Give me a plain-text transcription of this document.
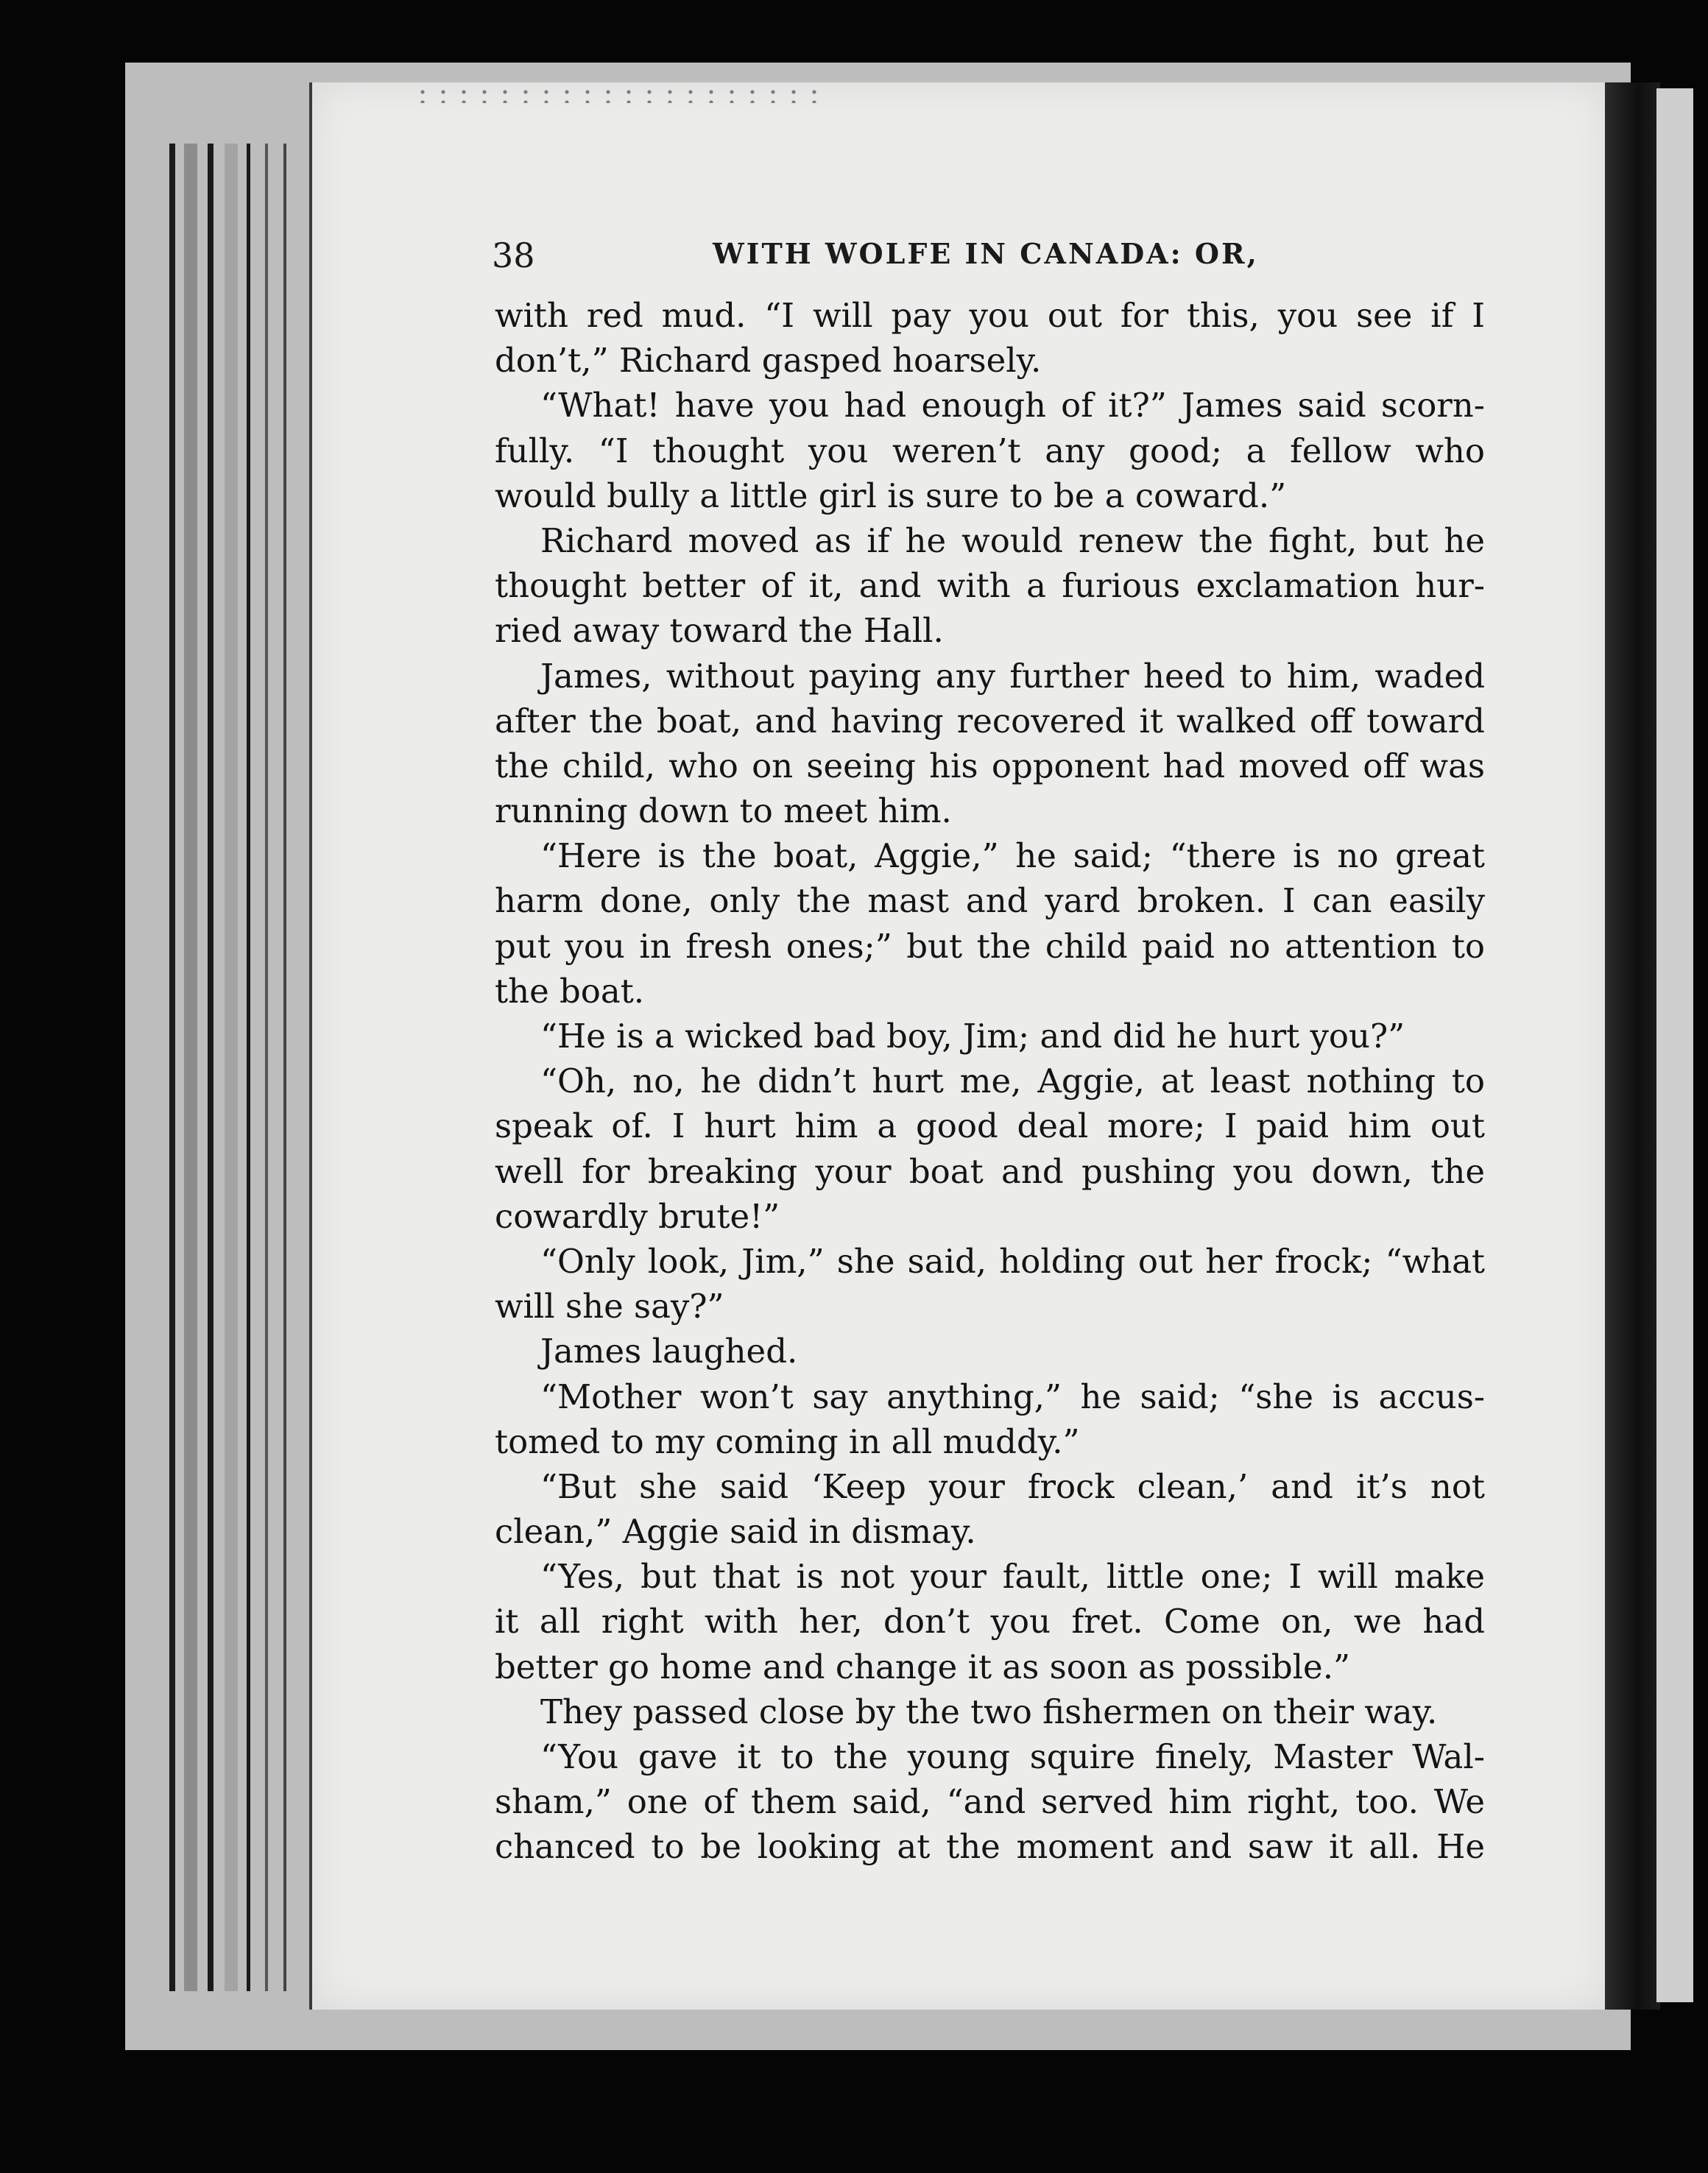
38	WITH WOLFE IN CANADA: OR,
with red mud. “I will pay you out for this, you see if I
don’t,” Richard gasped hoarsely.
“What! have you had enough of it?” James said scorn-
fully. “I thought you weren’t any good; a fellow who
would bully a little girl is sure to be a coward.”
Richard moved as if he would renew the fight, but he
thought better of it, and with a furious exclamation hur-
ried away toward the Hall.
James, without paying any further heed to him, waded
after the boat, and having recovered it walked off toward
the child, who on seeing his opponent had moved off was
running down to meet him.
“Here is the boat, Aggie,” he said; “there is no great
harm done, only the mast and yard broken. I can easily
put you in fresh ones;” but the child paid no attention to
the boat.
“He is a wicked bad boy, Jim; and did he hurt you?”
“Oh, no, he didn’t hurt me, Aggie, at least nothing to
speak of. I hurt him a good deal more; I paid him out
well for breaking your boat and pushing you down, the
cowardly brute!”
“Only look, Jim,” she said, holding out her frock; “what
will she say?”
James laughed.
“Mother won’t say anything,” he said; “she is accus-
tomed to my coming in all muddy.”
“But she said ‘Keep your frock clean,’ and it’s not
clean,” Aggie said in dismay.
“Yes, but that is not your fault, little one; I will make
it all right with her, don’t you fret. Come on, we had
better go home and change it as soon as possible.”
They passed close by the two fishermen on their way.
“You gave it to the young squire finely, Master Wal-
sham,” one of them said, “and served him right, too. We
chanced to be looking at the moment and saw it all. He
